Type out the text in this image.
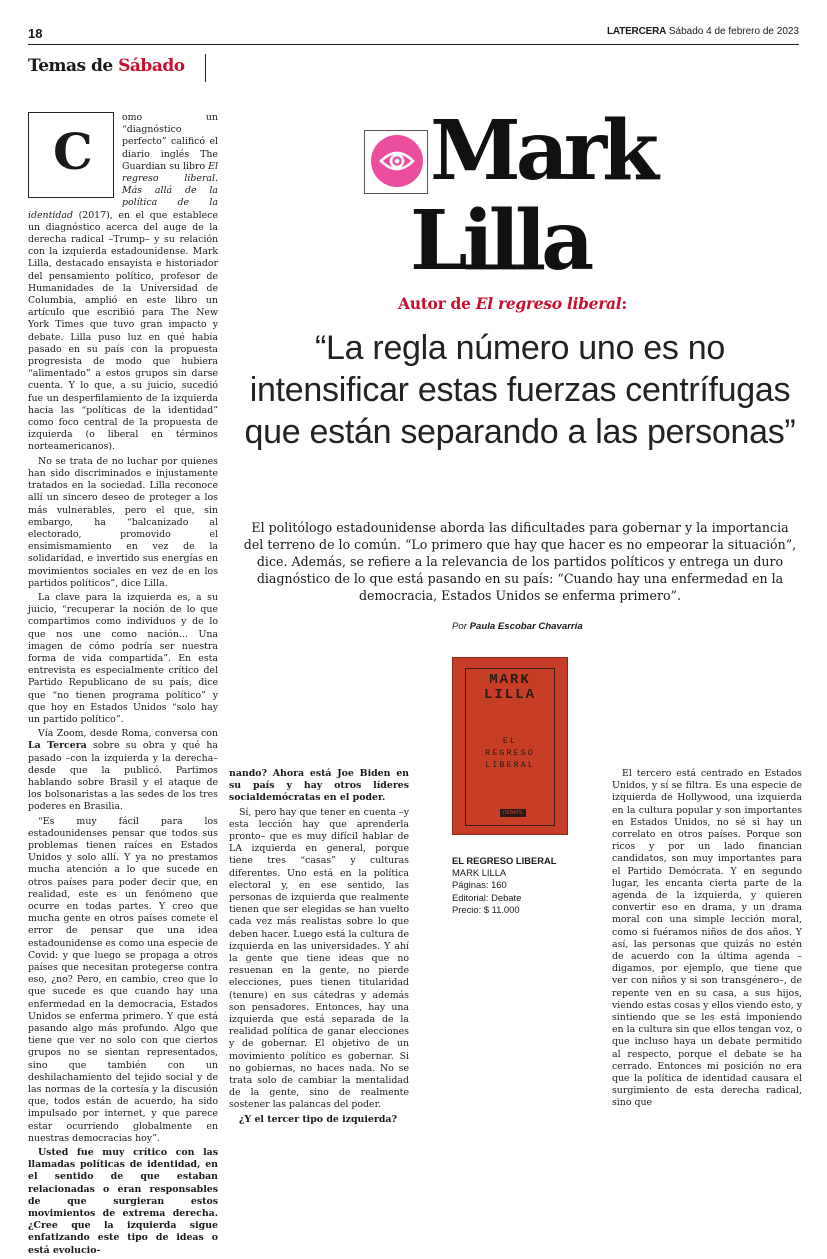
18	LATERCERA Sábado 4 de febrero de 2023
Temas de Sábado
C

omo un “diagnóstico perfecto” calificó el diario inglés The Guardian su libro El regreso liberal. Más allá de la política de la identidad (2017), en el que establece un diagnóstico acerca del auge de la derecha radical –Trump– y su relación con la izquierda estadounidense. Mark Lilla, destacado ensayista e historiador del pensamiento político, profesor de Humanidades de la Universidad de Columbia, amplió en este libro un artículo que escribió para The New York Times que tuvo gran impacto y debate. Lilla puso luz en qué había pasado en su país con la propuesta progresista de modo que hubiera “alimentado” a estos grupos sin darse cuenta. Y lo que, a su juicio, sucedió fue un desperfilamiento de la izquierda hacia las “políticas de la identidad” como foco central de la propuesta de izquierda (o liberal en términos norteamericanos).

No se trata de no luchar por quienes han sido discriminados e injustamente tratados en la sociedad. Lilla reconoce allí un sincero deseo de proteger a los más vulnerables, pero el que, sin embargo, ha “balcanizado al electorado, promovido el ensimismamiento en vez de la solidaridad, e invertido sus energías en movimientos sociales en vez de en los partidos políticos”, dice Lilla.

La clave para la izquierda es, a su juicio, “recuperar la noción de lo que compartimos como individuos y de lo que nos une como nación... Una imagen de cómo podría ser nuestra forma de vida compartida”. En esta entrevista es especialmente crítico del Partido Republicano de su país, dice que “no tienen programa político” y que hoy en Estados Unidos “solo hay un partido político”.

Vía Zoom, desde Roma, conversa con La Tercera sobre su obra y qué ha pasado –con la izquierda y la derecha– desde que la publicó. Partimos hablando sobre Brasil y el ataque de los bolsonaristas a las sedes de los tres poderes en Brasilia.

“Es muy fácil para los estadounidenses pensar que todos sus problemas tienen raíces en Estados Unidos y solo allí. Y ya no prestamos mucha atención a lo que sucede en otros países para poder decir que, en realidad, este es un fenómeno que ocurre en todas partes. Y creo que mucha gente en otros países comete el error de pensar que una idea estadounidense es como una especie de Covid: y que luego se propaga a otros países que necesitan protegerse contra eso, ¿no? Pero, en cambio, creo que lo que sucede es que cuando hay una enfermedad en la democracia, Estados Unidos se enferma primero. Y que está pasando algo más profundo. Algo que tiene que ver no solo con que ciertos grupos no se sientan representados, sino que también con un deshilachamiento del tejido social y de las normas de la cortesía y la discusión que, todos están de acuerdo, ha sido impulsado por internet, y que parece estar ocurriendo globalmente en nuestras democracias hoy”.

Usted fue muy crítico con las llamadas políticas de identidad, en el sentido de que estaban relacionadas o eran responsables de que surgieran estos movimientos de extrema derecha. ¿Cree que la izquierda sigue enfatizando este tipo de ideas o está evolucio-

Mark
Lilla
Autor de El regreso liberal:
“La regla número uno es no intensificar estas fuerzas centrífugas que están separando a las personas”
El politólogo estadounidense aborda las dificultades para gobernar y la importancia del terreno de lo común. “Lo primero que hay que hacer es no empeorar la situación”, dice. Además, se refiere a la relevancia de los partidos políticos y entrega un duro diagnóstico de lo que está pasando en su país: “Cuando hay una enfermedad en la democracia, Estados Unidos se enferma primero”.
Por Paula Escobar Chavarría

nando? Ahora está Joe Biden en su país y hay otros líderes socialdemócratas en el poder.

Sí, pero hay que tener en cuenta –y esta lección hay que aprenderla pronto– que es muy difícil hablar de LA izquierda en general, porque tiene tres “casas” y culturas diferentes. Uno está en la política electoral y, en ese sentido, las personas de izquierda que realmente tienen que ser elegidas se han vuelto cada vez más realistas sobre lo que deben hacer. Luego está la cultura de izquierda en las universidades. Y ahí la gente que tiene ideas que no resuenan en la gente, no pierde elecciones, pues tienen titularidad (tenure) en sus cátedras y además son pensadores. Entonces, hay una izquierda que está separada de la realidad política de ganar elecciones y de gobernar. El objetivo de un movimiento político es gobernar. Si no gobiernas, no haces nada. No se trata solo de cambiar la mentalidad de la gente, sino de realmente sostener las palancas del poder.

¿Y el tercer tipo de izquierda?

MARK
LILLA
EL
REGRESO
LIBERAL
DEBATE
EL REGRESO LIBERAL
MARK LILLA
Páginas: 160
Editorial: Debate
Precio: $ 11.000

El tercero está centrado en Estados Unidos, y sí se filtra. Es una especie de izquierda de Hollywood, una izquierda en la cultura popular y son importantes en Estados Unidos, no sé si hay un correlato en otros países. Porque son ricos y por un lado financian candidatos, son muy importantes para el Partido Demócrata. Y en segundo lugar, les encanta cierta parte de la agenda de la izquierda, y quieren convertir eso en drama, y un drama moral con una simple lección moral, como si fuéramos niños de dos años. Y así, las personas que quizás no estén de acuerdo con la última agenda –digamos, por ejemplo, que tiene que ver con niños y si son transgénero–, de repente ven en su casa, a sus hijos, viendo estas cosas y ellos viendo esto, y sintiendo que se les está imponiendo en la cultura sin que ellos tengan voz, o que incluso haya un debate permitido al respecto, porque el debate se ha cerrado. Entonces mi posición no era que la política de identidad causara el surgimiento de esta derecha radical, sino que
